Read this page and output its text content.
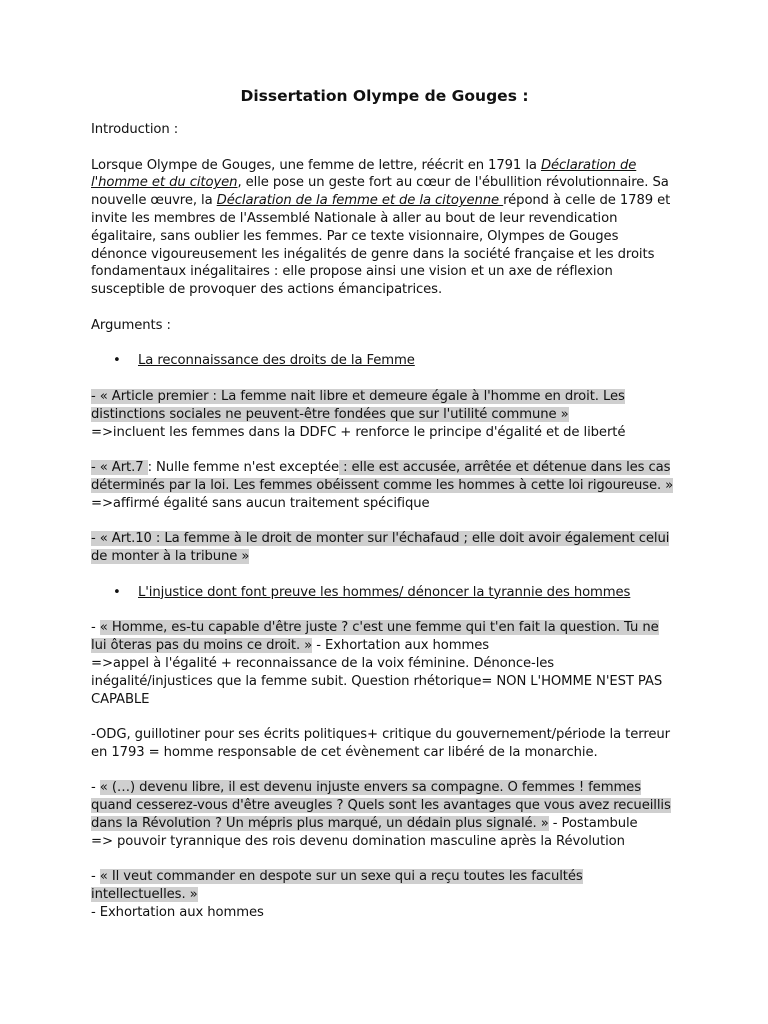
Dissertation Olympe de Gouges :

Introduction :

Lorsque Olympe de Gouges, une femme de lettre, réécrit en 1791 la Déclaration de l'homme et du citoyen, elle pose un geste fort au cœur de l'ébullition révolutionnaire. Sa nouvelle œuvre, la Déclaration de la femme et de la citoyenne répond à celle de 1789 et invite les membres de l'Assemblé Nationale à aller au bout de leur revendication égalitaire, sans oublier les femmes. Par ce texte visionnaire, Olympes de Gouges dénonce vigoureusement les inégalités de genre dans la société française et les droits fondamentaux inégalitaires : elle propose ainsi une vision et un axe de réflexion susceptible de provoquer des actions émancipatrices.

Arguments :

• La reconnaissance des droits de la Femme

- « Article premier : La femme nait libre et demeure égale à l'homme en droit. Les distinctions sociales ne peuvent-être fondées que sur l'utilité commune »

=>incluent les femmes dans la DDFC + renforce le principe d'égalité et de liberté

- « Art.7 : Nulle femme n'est exceptée : elle est accusée, arrêtée et détenue dans les cas déterminés par la loi. Les femmes obéissent comme les hommes à cette loi rigoureuse. »

=>affirmé égalité sans aucun traitement spécifique

- « Art.10 : La femme à le droit de monter sur l'échafaud ; elle doit avoir également celui de monter à la tribune »

• L'injustice dont font preuve les hommes/ dénoncer la tyrannie des hommes

- « Homme, es-tu capable d'être juste ? c'est une femme qui t'en fait la question. Tu ne lui ôteras pas du moins ce droit. » - Exhortation aux hommes

=>appel à l'égalité + reconnaissance de la voix féminine. Dénonce-les inégalité/injustices que la femme subit. Question rhétorique= NON L'HOMME N'EST PAS CAPABLE

-ODG, guillotiner pour ses écrits politiques+ critique du gouvernement/période la terreur en 1793 = homme responsable de cet évènement car libéré de la monarchie.

- « (…) devenu libre, il est devenu injuste envers sa compagne. O femmes ! femmes quand cesserez-vous d'être aveugles ? Quels sont les avantages que vous avez recueillis dans la Révolution ? Un mépris plus marqué, un dédain plus signalé. » - Postambule

=> pouvoir tyrannique des rois devenu domination masculine après la Révolution

- « Il veut commander en despote sur un sexe qui a reçu toutes les facultés intellectuelles. »

- Exhortation aux hommes
